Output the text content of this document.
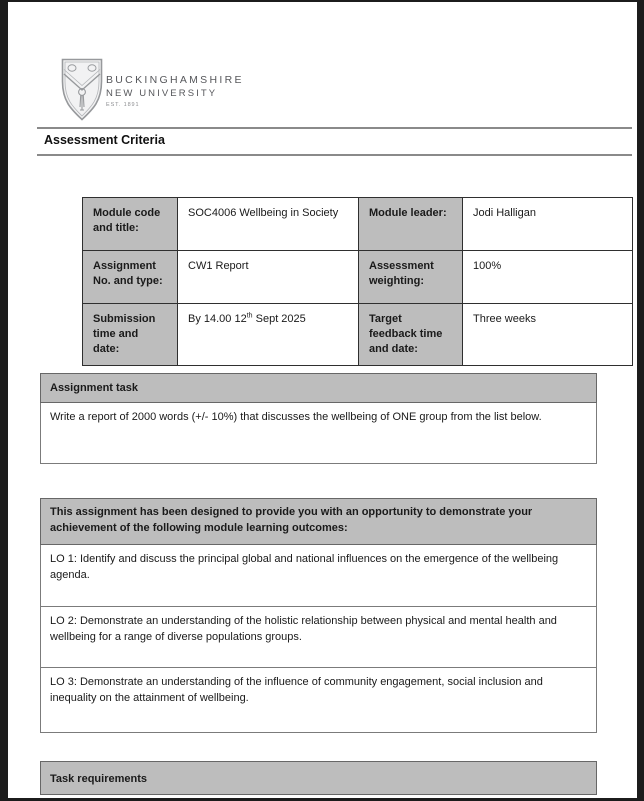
BUCKINGHAMSHIRE
NEW UNIVERSITY
EST. 1891
Assessment Criteria
Module code and title:	SOC4006 Wellbeing in Society	Module leader:	Jodi Halligan
Assignment No. and type:	CW1 Report	Assessment weighting:	100%
Submission time and date:	By 14.00 12th Sept 2025	Target feedback time and date:	Three weeks
Assignment task
Write a report of 2000 words (+/- 10%) that discusses the wellbeing of ONE group from the list below.
This assignment has been designed to provide you with an opportunity to demonstrate your achievement of the following module learning outcomes:
LO 1: Identify and discuss the principal global and national influences on the emergence of the wellbeing agenda.
LO 2: Demonstrate an understanding of the holistic relationship between physical and mental health and wellbeing for a range of diverse populations groups.
LO 3: Demonstrate an understanding of the influence of community engagement, social inclusion and inequality on the attainment of wellbeing.
Task requirements
